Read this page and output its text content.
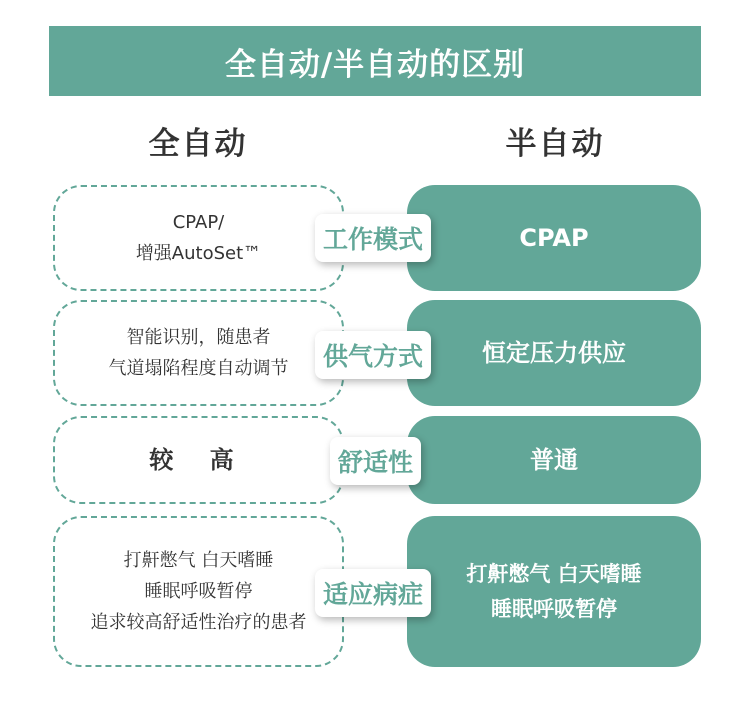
全自动/半自动的区别
全自动	半自动
CPAP/
增强AutoSet™
CPAP
工作模式
智能识别，随患者
气道塌陷程度自动调节
恒定压力供应
供气方式
较 高	普通
舒适性
打鼾憋气 白天嗜睡
睡眠呼吸暂停
追求较高舒适性治疗的患者
打鼾憋气 白天嗜睡
睡眠呼吸暂停
适应病症
